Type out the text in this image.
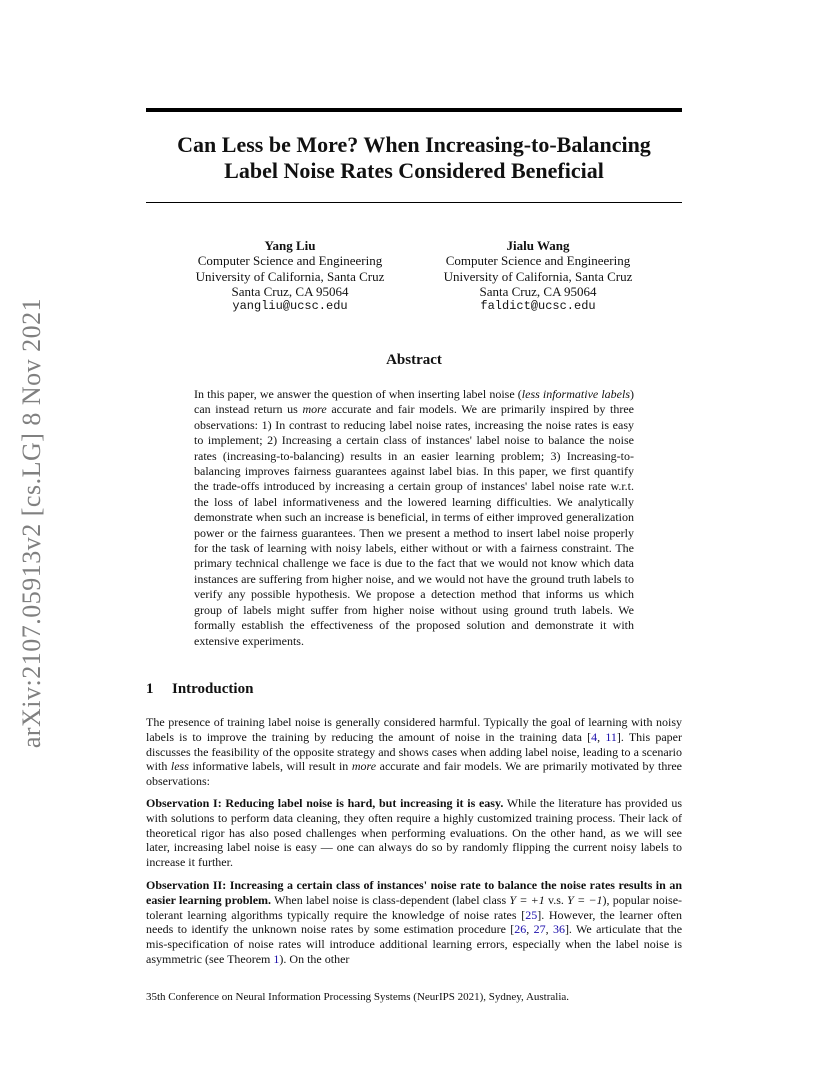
arXiv:2107.05913v2 [cs.LG] 8 Nov 2021
Can Less be More? When Increasing-to-Balancing
Label Noise Rates Considered Beneficial
Yang Liu
Computer Science and Engineering
University of California, Santa Cruz
Santa Cruz, CA 95064
yangliu@ucsc.edu
Jialu Wang
Computer Science and Engineering
University of California, Santa Cruz
Santa Cruz, CA 95064
faldict@ucsc.edu
Abstract
In this paper, we answer the question of when inserting label noise (less informative labels) can instead return us more accurate and fair models. We are primarily inspired by three observations: 1) In contrast to reducing label noise rates, increasing the noise rates is easy to implement; 2) Increasing a certain class of instances' label noise to balance the noise rates (increasing-to-balancing) results in an easier learning problem; 3) Increasing-to-balancing improves fairness guarantees against label bias. In this paper, we first quantify the trade-offs introduced by increasing a certain group of instances' label noise rate w.r.t. the loss of label informativeness and the lowered learning difficulties. We analytically demonstrate when such an increase is beneficial, in terms of either improved generalization power or the fairness guarantees. Then we present a method to insert label noise properly for the task of learning with noisy labels, either without or with a fairness constraint. The primary technical challenge we face is due to the fact that we would not know which data instances are suffering from higher noise, and we would not have the ground truth labels to verify any possible hypothesis. We propose a detection method that informs us which group of labels might suffer from higher noise without using ground truth labels. We formally establish the effectiveness of the proposed solution and demonstrate it with extensive experiments.
1 Introduction
The presence of training label noise is generally considered harmful. Typically the goal of learning with noisy labels is to improve the training by reducing the amount of noise in the training data [4, 11]. This paper discusses the feasibility of the opposite strategy and shows cases when adding label noise, leading to a scenario with less informative labels, will result in more accurate and fair models. We are primarily motivated by three observations:
Observation I: Reducing label noise is hard, but increasing it is easy. While the literature has provided us with solutions to perform data cleaning, they often require a highly customized training process. Their lack of theoretical rigor has also posed challenges when performing evaluations. On the other hand, as we will see later, increasing label noise is easy — one can always do so by randomly flipping the current noisy labels to increase it further.
Observation II: Increasing a certain class of instances' noise rate to balance the noise rates results in an easier learning problem. When label noise is class-dependent (label class Y = +1 v.s. Y = −1), popular noise-tolerant learning algorithms typically require the knowledge of noise rates [25]. However, the learner often needs to identify the unknown noise rates by some estimation procedure [26, 27, 36]. We articulate that the mis-specification of noise rates will introduce additional learning errors, especially when the label noise is asymmetric (see Theorem 1). On the other
35th Conference on Neural Information Processing Systems (NeurIPS 2021), Sydney, Australia.
